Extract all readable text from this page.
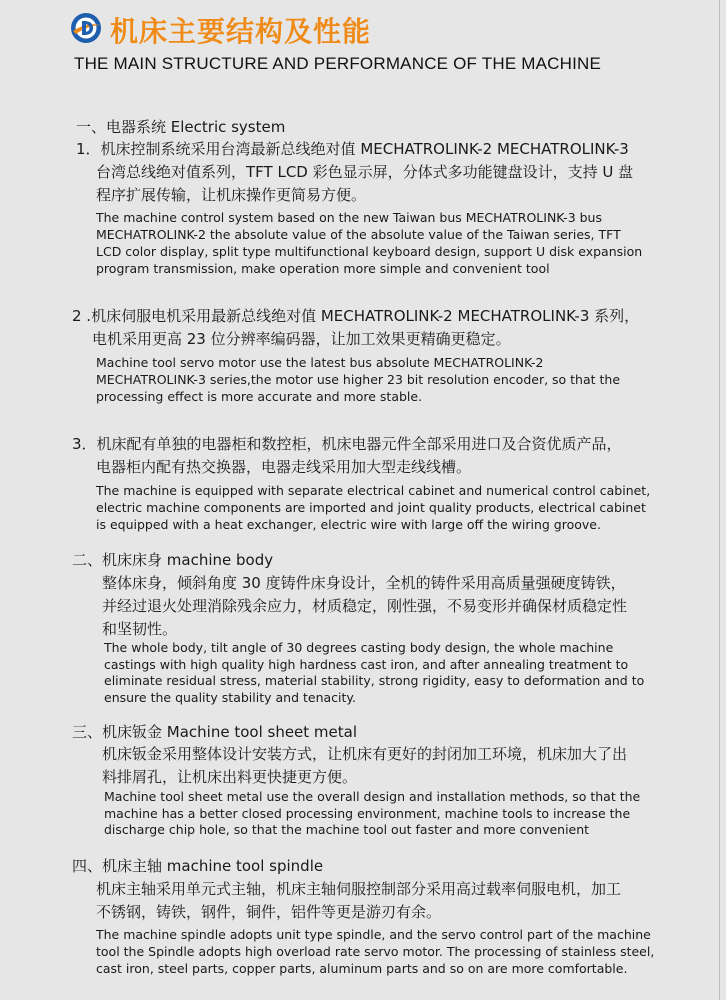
机床主要结构及性能
THE MAIN STRUCTURE AND PERFORMANCE OF THE MACHINE
一、电器系统 Electric system
1．机床控制系统采用台湾最新总线绝对值 MECHATROLINK-2 MECHATROLINK-3
台湾总线绝对值系列，TFT LCD 彩色显示屏，分体式多功能键盘设计，支持 U 盘
程序扩展传输，让机床操作更简易方便。
The machine control system based on the new Taiwan bus MECHATROLINK-3 bus
MECHATROLINK-2 the absolute value of the absolute value of the Taiwan series, TFT
LCD color display, split type multifunctional keyboard design, support U disk expansion
program transmission, make operation more simple and convenient tool
2 .机床伺服电机采用最新总线绝对值 MECHATROLINK-2 MECHATROLINK-3 系列，
电机采用更高 23 位分辨率编码器，让加工效果更精确更稳定。
Machine tool servo motor use the latest bus absolute MECHATROLINK-2
MECHATROLINK-3 series,the motor use higher 23 bit resolution encoder, so that the
processing effect is more accurate and more stable.
3．机床配有单独的电器柜和数控柜，机床电器元件全部采用进口及合资优质产品，
电器柜内配有热交换器，电器走线采用加大型走线线槽。
The machine is equipped with separate electrical cabinet and numerical control cabinet,
electric machine components are imported and joint quality products, electrical cabinet
is equipped with a heat exchanger, electric wire with large off the wiring groove.
二、机床床身 machine body
整体床身，倾斜角度 30 度铸件床身设计，全机的铸件采用高质量强硬度铸铁，
并经过退火处理消除残余应力，材质稳定，刚性强，不易变形并确保材质稳定性
和坚韧性。
The whole body, tilt angle of 30 degrees casting body design, the whole machine
castings with high quality high hardness cast iron, and after annealing treatment to
eliminate residual stress, material stability, strong rigidity, easy to deformation and to
ensure the quality stability and tenacity.
三、机床钣金 Machine tool sheet metal
机床钣金采用整体设计安装方式，让机床有更好的封闭加工环境，机床加大了出
料排屑孔，让机床出料更快捷更方便。
Machine tool sheet metal use the overall design and installation methods, so that the
machine has a better closed processing environment, machine tools to increase the
discharge chip hole, so that the machine tool out faster and more convenient
四、机床主轴 machine tool spindle
机床主轴采用单元式主轴，机床主轴伺服控制部分采用高过载率伺服电机，加工
不锈钢，铸铁，钢件，铜件，铝件等更是游刃有余。
The machine spindle adopts unit type spindle, and the servo control part of the machine
tool the Spindle adopts high overload rate servo motor. The processing of stainless steel,
cast iron, steel parts, copper parts, aluminum parts and so on are more comfortable.
